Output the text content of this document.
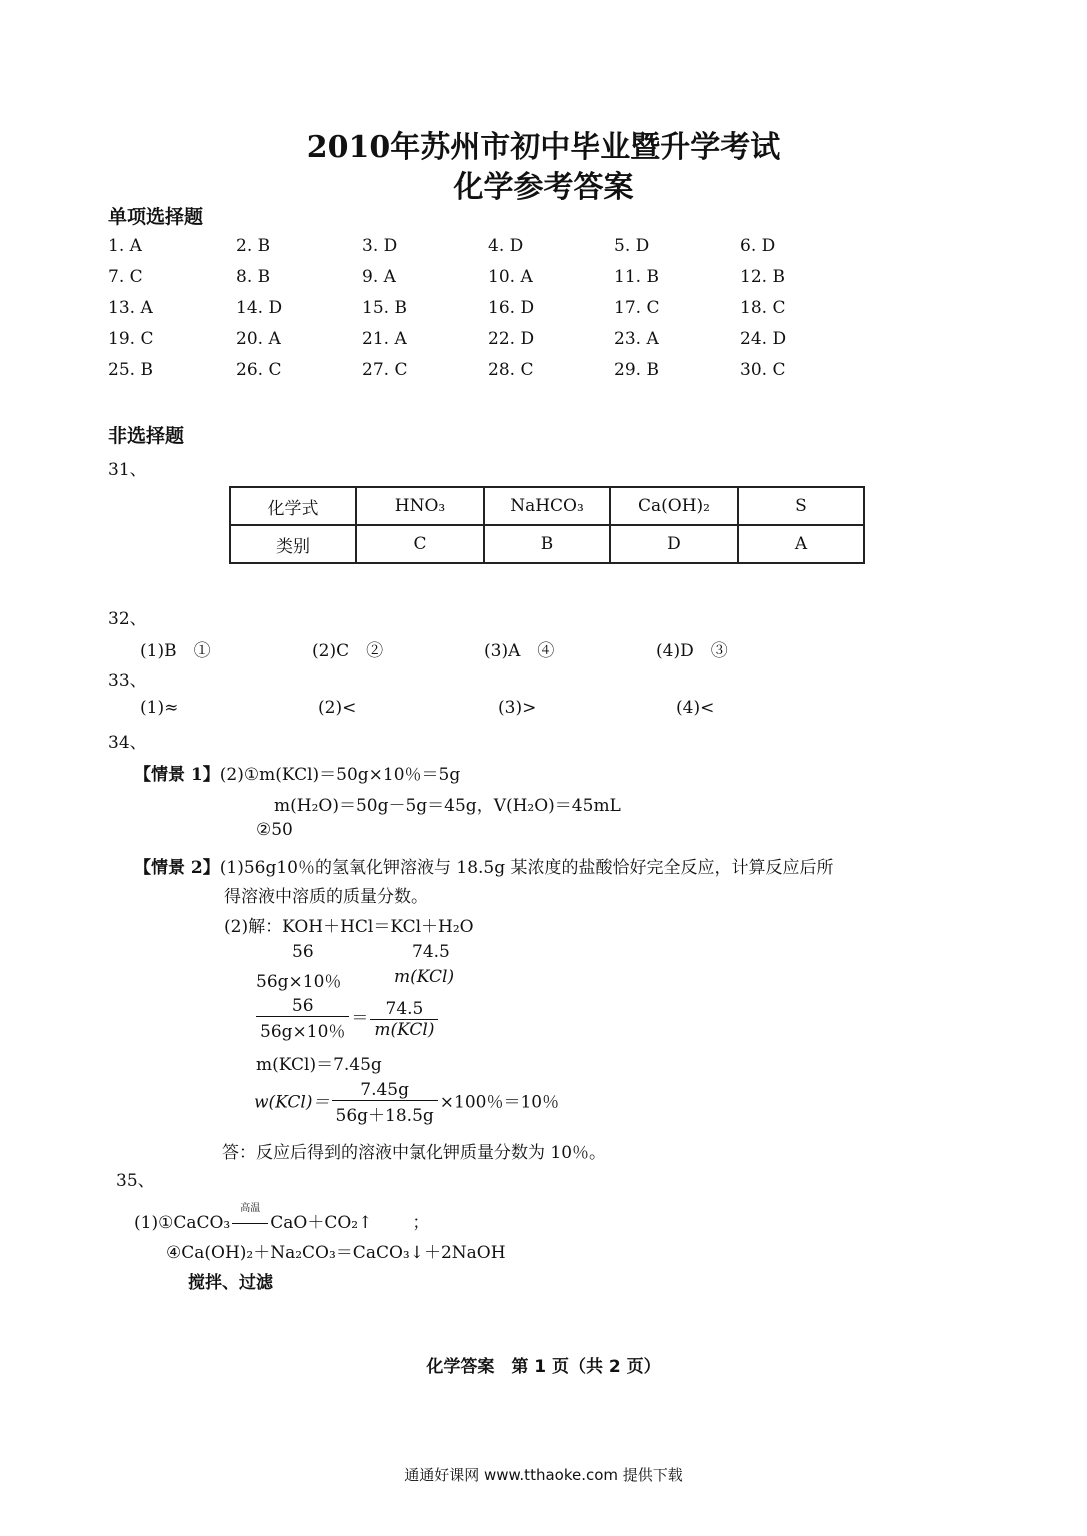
2010年苏州市初中毕业暨升学考试
化学参考答案
单项选择题
1. A	2. B	3. D	4. D	5. D	6. D
7. C	8. B	9. A	10. A	11. B	12. B
13. A	14. D	15. B	16. D	17. C	18. C
19. C	20. A	21. A	22. D	23. A	24. D
25. B	26. C	27. C	28. C	29. B	30. C
非选择题
31、
化学式	HNO₃	NaHCO₃	Ca(OH)₂	S
类别	C	B	D	A
32、
(1)B　①	(2)C　②	(3)A　④	(4)D　③
33、
(1)≈	(2)<	(3)>	(4)<
34、
【情景 1】(2)①m(KCl)＝50g×10％＝5g
m(H₂O)＝50g－5g＝45g，V(H₂O)＝45mL
②50
【情景 2】(1)56g10％的氢氧化钾溶液与 18.5g 某浓度的盐酸恰好完全反应，计算反应后所
得溶液中溶质的质量分数。
(2)解：KOH＋HCl＝KCl＋H₂O
56	74.5
56g×10％	m(KCl)
$\frac{56}{56g\times 10\%} = \frac{74.5}{\text{m(KCl)}}$
m(KCl)＝7.45g
$w(KCl)= \frac{7.45g}{56g+18.5g} \times 100$％＝10％
答：反应后得到的溶液中氯化钾质量分数为 10％。
35、
(1)①CaCO₃
高温
CaO＋CO₂↑ ；
④Ca(OH)₂＋Na₂CO₃＝CaCO₃↓＋2NaOH
搅拌、过滤
化学答案　第 1 页（共 2 页）
通通好课网 www.tthaoke.com 提供下载
